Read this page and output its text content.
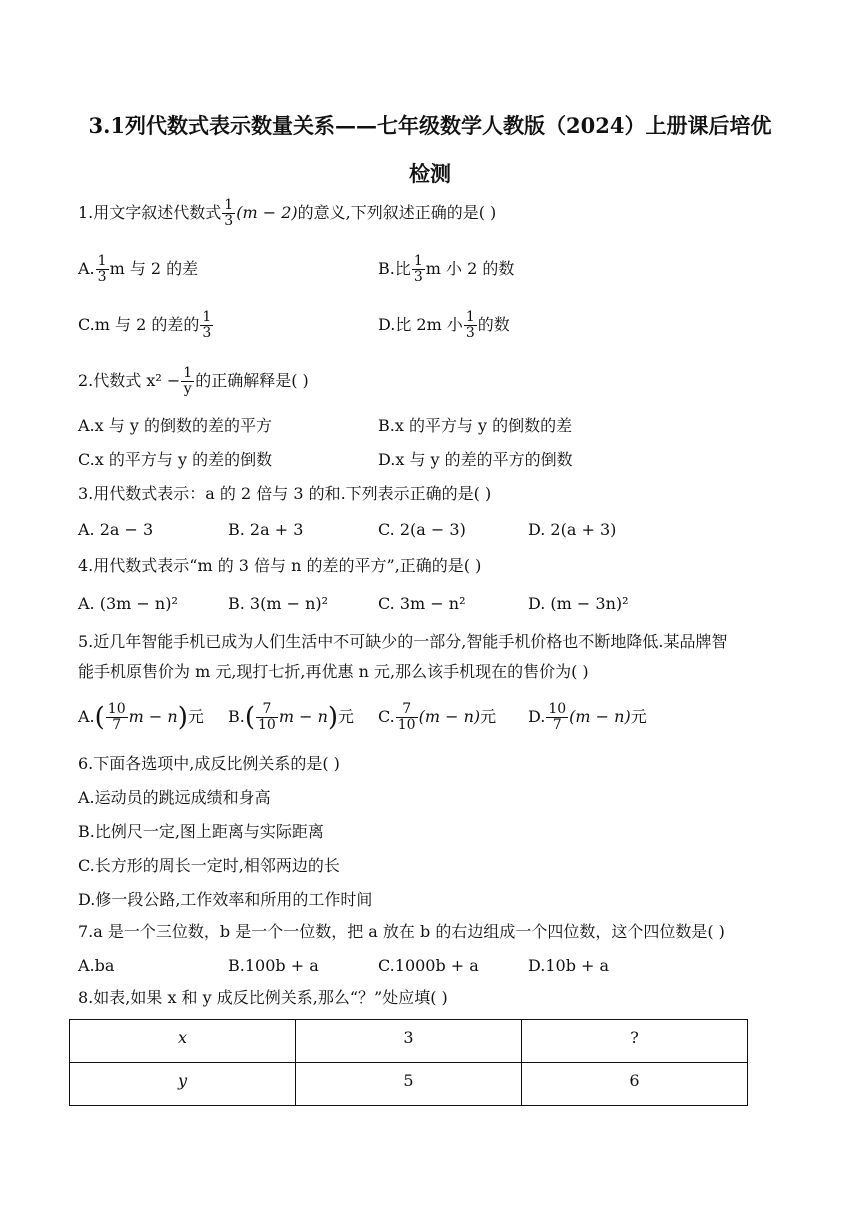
3.1列代数式表示数量关系——七年级数学人教版（2024）上册课后培优检测
1.用文字叙述代数式 $\frac{1}{3} (m - 2)$的意义,下列叙述正确的是( )
A. $\frac{1}{3}$ m 与 2 的差	B.比 $\frac{1}{3}$ m 小 2 的数
C.m 与 2 的差的 $\frac{1}{3}$	D.比 2m 小 $\frac{1}{3}$ 的数
2.代数式 $x^2 - \frac{1}{y}$ 的正确解释是( )
A.x 与 y 的倒数的差的平方	B.x 的平方与 y 的倒数的差
C.x 的平方与 y 的差的倒数	D.x 与 y 的差的平方的倒数
3.用代数式表示：a 的 2 倍与 3 的和.下列表示正确的是( )
A. 2a − 3	B. 2a + 3	C. 2(a − 3)	D. 2(a + 3)
4.用代数式表示“m 的 3 倍与 n 的差的平方”,正确的是( )
A. (3m − n)²	B. 3(m − n)²	C. 3m − n²	D. (m − 3n)²
5.近几年智能手机已成为人们生活中不可缺少的一部分,智能手机价格也不断地降低.某品牌智
能手机原售价为 m 元,现打七折,再优惠 n 元,那么该手机现在的售价为( )
$A.( \frac{10}{7}$ m − n)元 $B.( \frac{7}{10}$ m − n)元 C. $\frac{7}{10} (m - n)$元 D. $\frac{10}{7} (m - n)$元
6.下面各选项中,成反比例关系的是( )
A.运动员的跳远成绩和身高
B.比例尺一定,图上距离与实际距离
C.长方形的周长一定时,相邻两边的长
D.修一段公路,工作效率和所用的工作时间
7.a 是一个三位数，b 是一个一位数，把 a 放在 b 的右边组成一个四位数，这个四位数是( )
A.ba	B.100b + a	C.1000b + a	D.10b + a
8.如表,如果 x 和 y 成反比例关系,那么“？”处应填( )
x	3	?
y	5	6
